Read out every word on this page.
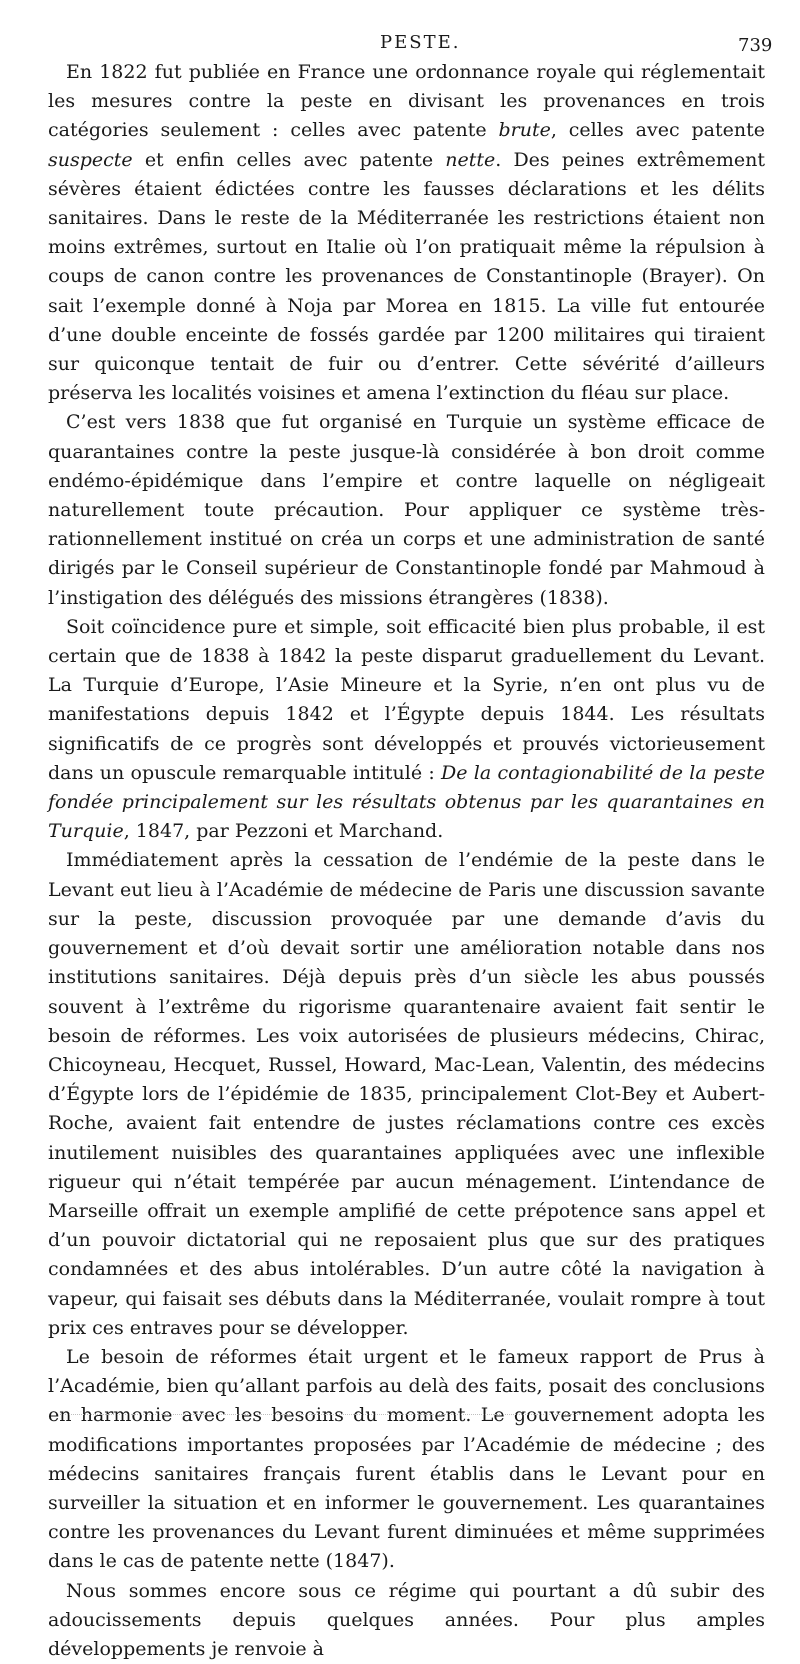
PESTE.	739

En 1822 fut publiée en France une ordonnance royale qui réglementait les mesures contre la peste en divisant les provenances en trois catégories seulement : celles avec patente brute, celles avec patente suspecte et enfin celles avec patente nette. Des peines extrêmement sévères étaient édictées contre les fausses déclarations et les délits sanitaires. Dans le reste de la Méditerranée les restrictions étaient non moins extrêmes, surtout en Italie où l’on pratiquait même la répulsion à coups de canon contre les provenances de Constantinople (Brayer). On sait l’exemple donné à Noja par Morea en 1815. La ville fut entourée d’une double enceinte de fossés gardée par 1200 militaires qui tiraient sur quiconque tentait de fuir ou d’entrer. Cette sévérité d’ailleurs préserva les localités voisines et amena l’extinction du fléau sur place.

C’est vers 1838 que fut organisé en Turquie un système efficace de quarantaines contre la peste jusque-là considérée à bon droit comme endémo-épidémique dans l’empire et contre laquelle on négligeait naturellement toute précaution. Pour appliquer ce système très-rationnellement institué on créa un corps et une administration de santé dirigés par le Conseil supérieur de Constantinople fondé par Mahmoud à l’instigation des délégués des missions étrangères (1838).

Soit coïncidence pure et simple, soit efficacité bien plus probable, il est certain que de 1838 à 1842 la peste disparut graduellement du Levant. La Turquie d’Europe, l’Asie Mineure et la Syrie, n’en ont plus vu de manifestations depuis 1842 et l’Égypte depuis 1844. Les résultats significatifs de ce progrès sont développés et prouvés victorieusement dans un opuscule remarquable intitulé : De la contagionabilité de la peste fondée principalement sur les résultats obtenus par les quarantaines en Turquie, 1847, par Pezzoni et Marchand.

Immédiatement après la cessation de l’endémie de la peste dans le Levant eut lieu à l’Académie de médecine de Paris une discussion savante sur la peste, discussion provoquée par une demande d’avis du gouvernement et d’où devait sortir une amélioration notable dans nos institutions sanitaires. Déjà depuis près d’un siècle les abus poussés souvent à l’extrême du rigorisme quarantenaire avaient fait sentir le besoin de réformes. Les voix autorisées de plusieurs médecins, Chirac, Chicoyneau, Hecquet, Russel, Howard, Mac-Lean, Valentin, des médecins d’Égypte lors de l’épidémie de 1835, principalement Clot-Bey et Aubert-Roche, avaient fait entendre de justes réclamations contre ces excès inutilement nuisibles des quarantaines appliquées avec une inflexible rigueur qui n’était tempérée par aucun ménagement. L’intendance de Marseille offrait un exemple amplifié de cette prépotence sans appel et d’un pouvoir dictatorial qui ne reposaient plus que sur des pratiques condamnées et des abus intolérables. D’un autre côté la navigation à vapeur, qui faisait ses débuts dans la Méditerranée, voulait rompre à tout prix ces entraves pour se développer.

Le besoin de réformes était urgent et le fameux rapport de Prus à l’Académie, bien qu’allant parfois au delà des faits, posait des conclusions en harmonie avec les besoins du moment. Le gouvernement adopta les modifications importantes proposées par l’Académie de médecine ; des médecins sanitaires français furent établis dans le Levant pour en surveiller la situation et en informer le gouvernement. Les quarantaines contre les provenances du Levant furent diminuées et même supprimées dans le cas de patente nette (1847).

Nous sommes encore sous ce régime qui pourtant a dû subir des adoucissements depuis quelques années. Pour plus amples développements je renvoie à
